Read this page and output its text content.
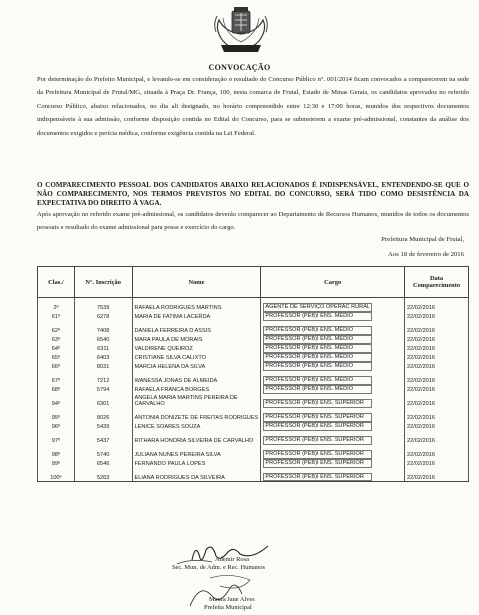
CONVOCAÇÃO
Por determinação do Prefeito Municipal, e levando-se em consideração o resultado do Concurso Público n°. 001/2014 ficam convocados a comparecerem na sede da Prefeitura Municipal de Frutal/MG, situada à Praça Dr. França, 100, nesta comarca de Frutal, Estado de Minas Gerais, os candidatos aprovados no referido Concurso Público, abaixo relacionados, no dia ali designado, no horário compreendido entre 12:30 e 17:00 horas, munidos dos respectivos documentos indispensáveis à sua admissão, conforme disposição contida no Edital do Concurso, para se submeterem a exame pré-admissional, constantes da análise dos documentos exigidos e perícia médica, conforme exigência contida na Lei Federal.
O COMPARECIMENTO PESSOAL DOS CANDIDATOS ABAIXO RELACIONADOS É INDISPENSÁVEL, ENTENDENDO-SE QUE O NÃO COMPARECIMENTO, NOS TERMOS PREVISTOS NO EDITAL DO CONCURSO, SERÁ TIDO COMO DESISTÊNCIA DA EXPECTATIVA DO DIREITO À VAGA.
Após aprovação no referido exame pré-admissional, os candidatos deverão comparecer ao Departamento de Recursos Humanos, munidos de todos os documentos pessoais e resultado do exame admissional para posse e exercício do cargo.
Prefeitura Municipal de Frutal,
Aos 18 de fevereiro de 2016
Clas./	N°. Inscrição	Nome	Cargo	Data Comparecimento
2º	7539	RAFAELA RODRIGUES MARTINS	AGENTE DE SERVIÇO OPERAC RURAL	22/02/2016
61º	6278	MARIA DE FATIMA LACERDA	PROFESSOR (PEB)I ENS. MÉDIO	22/02/2016
62º	7408	DANIELA FERREIRA D ASSIS	PROFESSOR (PEB)I ENS. MÉDIO	22/02/2016
63º	6540	MARA PAULA DE MORAIS	PROFESSOR (PEB)I ENS. MÉDIO	22/02/2016
64º	6311	VALDIRENE QUEIROZ	PROFESSOR (PEB)I ENS. MÉDIO	22/02/2016
65º	6403	CRISTIANE SILVA CALIXTO	PROFESSOR (PEB)I ENS. MÉDIO	22/02/2016
66º	8031	MARCIA HELENA DA SILVA	PROFESSOR (PEB)I ENS. MÉDIO	22/02/2016
67º	7212	WANESSA JONAS DE ALMEIDA	PROFESSOR (PEB)I ENS. MÉDIO	22/02/2016
68º	5794	RAFAELA FRANCA BORGES	PROFESSOR (PEB)I ENS. MÉDIO	22/02/2016
94º	6301	ANGELA MARIA MARTINS PEREIRA DE CARVALHO	PROFESSOR (PEB)I ENS. SUPERIOR	22/02/2016
95º	8026	ANTONIA DONIZETE DE FREITAS RODRIGUES	PROFESSOR (PEB)I ENS. SUPERIOR	22/02/2016
96º	5439	LENICE SOARES SOUZA	PROFESSOR (PEB)I ENS. SUPERIOR	22/02/2016
97º	5437	RITHARA HONORIA SILVEIRA DE CARVALHO	PROFESSOR (PEB)I ENS. SUPERIOR	22/02/2016
98º	5740	JULIANA NUNES PEREIRA SILVA	PROFESSOR (PEB)I ENS. SUPERIOR	22/02/2016
99º	6546	FERNANDO PAULA LOPES	PROFESSOR (PEB)I ENS. SUPERIOR	22/02/2016
100º	5263	ELIANA RODRIGUES DA SILVEIRA	PROFESSOR (PEB)I ENS. SUPERIOR	22/02/2016
Ademir Rosa
Sec. Mun. de Adm. e Rec. Humanos
Maura Jane Alves
Prefeita Municipal
